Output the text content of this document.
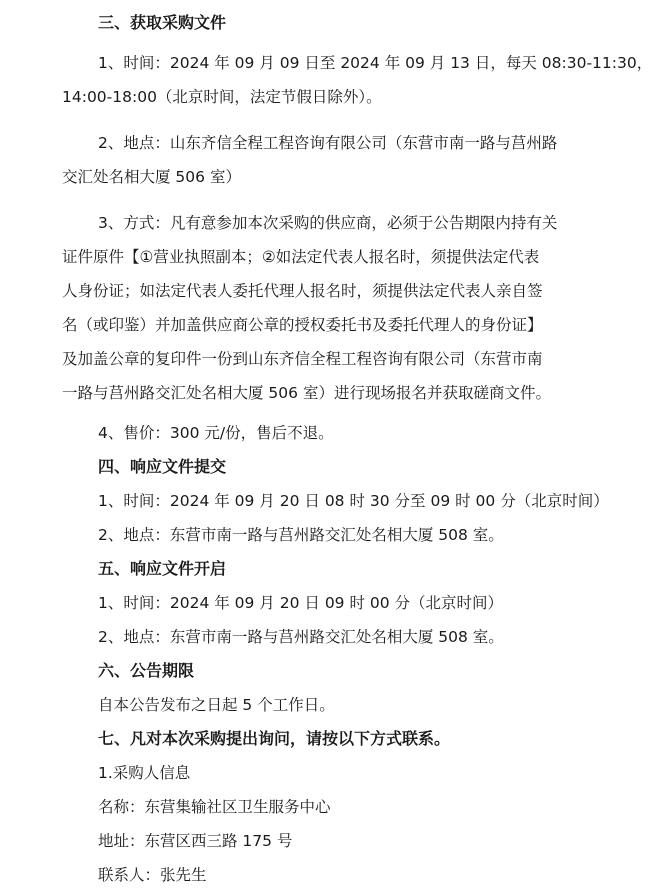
三、获取采购文件

1、时间：2024 年 09 月 09 日至 2024 年 09 月 13 日，每天 08:30-11:30，
14:00-18:00（北京时间，法定节假日除外）。
2、地点：山东齐信全程工程咨询有限公司（东营市南一路与莒州路
交汇处名相大厦 506 室）
3、方式：凡有意参加本次采购的供应商，必须于公告期限内持有关
证件原件【①营业执照副本；②如法定代表人报名时，须提供法定代表
人身份证；如法定代表人委托代理人报名时，须提供法定代表人亲自签
名（或印鉴）并加盖供应商公章的授权委托书及委托代理人的身份证】
及加盖公章的复印件一份到山东齐信全程工程咨询有限公司（东营市南
一路与莒州路交汇处名相大厦 506 室）进行现场报名并获取磋商文件。

4、售价：300 元/份，售后不退。

四、响应文件提交

1、时间：2024 年 09 月 20 日 08 时 30 分至 09 时 00 分（北京时间）

2、地点：东营市南一路与莒州路交汇处名相大厦 508 室。

五、响应文件开启

1、时间：2024 年 09 月 20 日 09 时 00 分（北京时间）

2、地点：东营市南一路与莒州路交汇处名相大厦 508 室。

六、公告期限

自本公告发布之日起 5 个工作日。

七、凡对本次采购提出询问，请按以下方式联系。

1.采购人信息

名称：东营集输社区卫生服务中心

地址：东营区西三路 175 号

联系人：张先生
